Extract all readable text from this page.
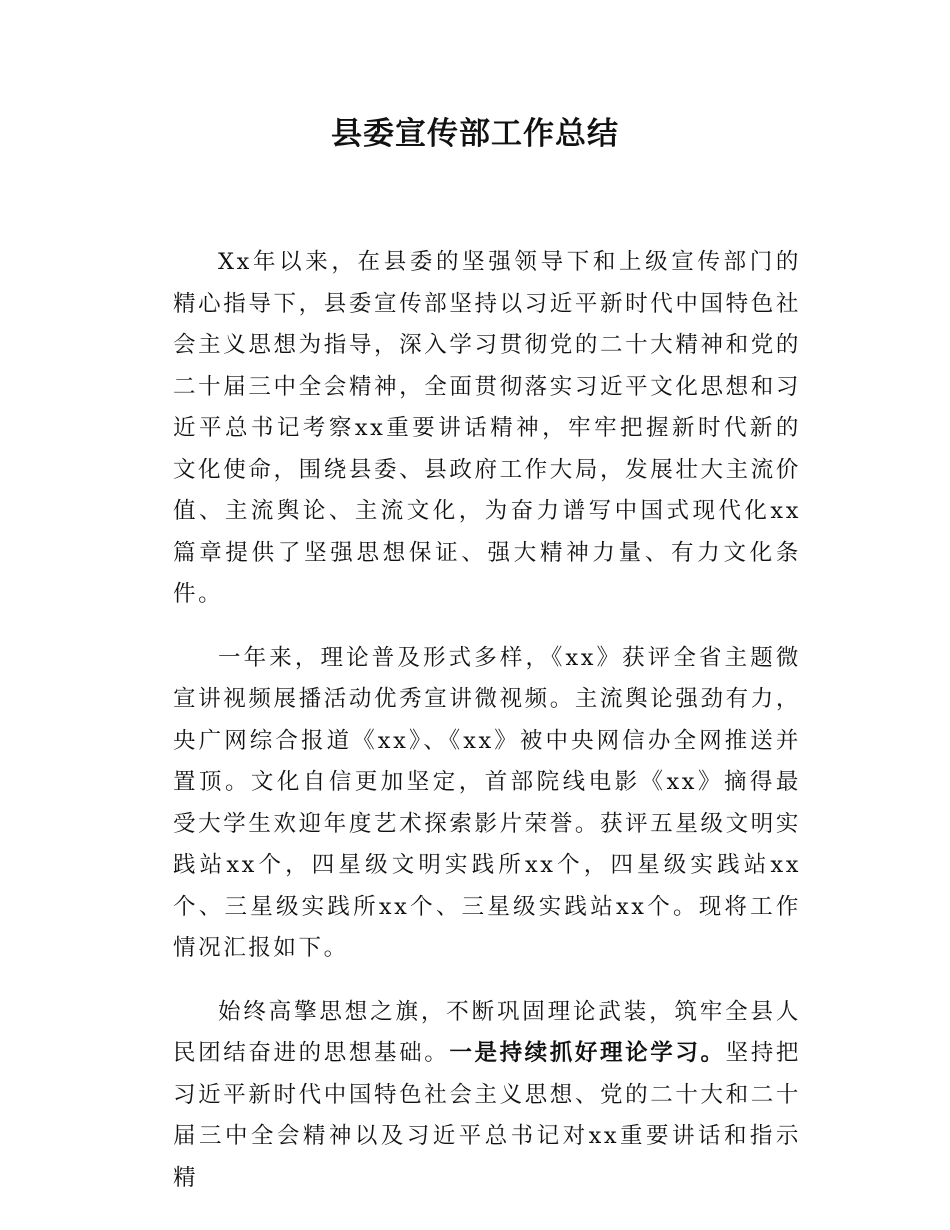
县委宣传部工作总结

Xx年以来，在县委的坚强领导下和上级宣传部门的精心指导下，县委宣传部坚持以习近平新时代中国特色社会主义思想为指导，深入学习贯彻党的二十大精神和党的二十届三中全会精神，全面贯彻落实习近平文化思想和习近平总书记考察xx重要讲话精神，牢牢把握新时代新的文化使命，围绕县委、县政府工作大局，发展壮大主流价值、主流舆论、主流文化，为奋力谱写中国式现代化xx篇章提供了坚强思想保证、强大精神力量、有力文化条件。

一年来，理论普及形式多样，《xx》获评全省主题微宣讲视频展播活动优秀宣讲微视频。主流舆论强劲有力，央广网综合报道《xx》、《xx》被中央网信办全网推送并置顶。文化自信更加坚定，首部院线电影《xx》摘得最受大学生欢迎年度艺术探索影片荣誉。获评五星级文明实践站xx个，四星级文明实践所xx个，四星级实践站xx个、三星级实践所xx个、三星级实践站xx个。现将工作情况汇报如下。

始终高擎思想之旗，不断巩固理论武装，筑牢全县人民团结奋进的思想基础。一是持续抓好理论学习。坚持把习近平新时代中国特色社会主义思想、党的二十大和二十届三中全会精神以及习近平总书记对xx重要讲话和指示精
